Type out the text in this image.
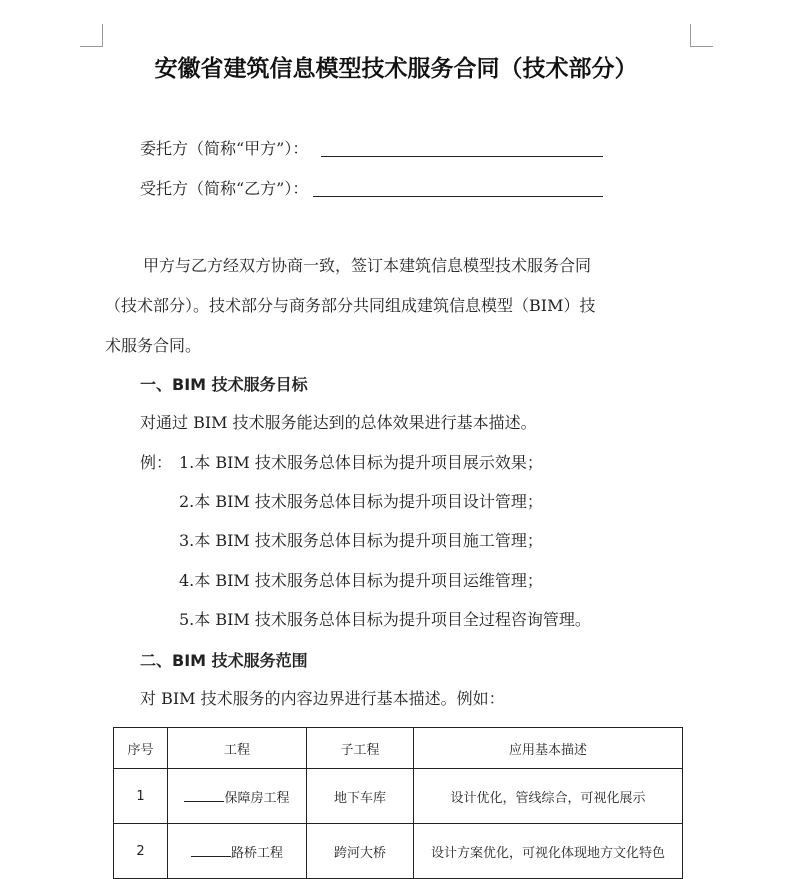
安徽省建筑信息模型技术服务合同（技术部分）
委托方（简称“甲方”）：
受托方（简称“乙方”）：
甲方与乙方经双方协商一致，签订本建筑信息模型技术服务合同
（技术部分）。技术部分与商务部分共同组成建筑信息模型（BIM）技
术服务合同。
一、BIM 技术服务目标
对通过 BIM 技术服务能达到的总体效果进行基本描述。
例： 1.本 BIM 技术服务总体目标为提升项目展示效果；
2.本 BIM 技术服务总体目标为提升项目设计管理；
3.本 BIM 技术服务总体目标为提升项目施工管理；
4.本 BIM 技术服务总体目标为提升项目运维管理；
5.本 BIM 技术服务总体目标为提升项目全过程咨询管理。
二、BIM 技术服务范围
对 BIM 技术服务的内容边界进行基本描述。例如：
序号	工程	子工程	应用基本描述
1	保障房工程	地下车库	设计优化，管线综合，可视化展示
2	路桥工程	跨河大桥	设计方案优化，可视化体现地方文化特色
